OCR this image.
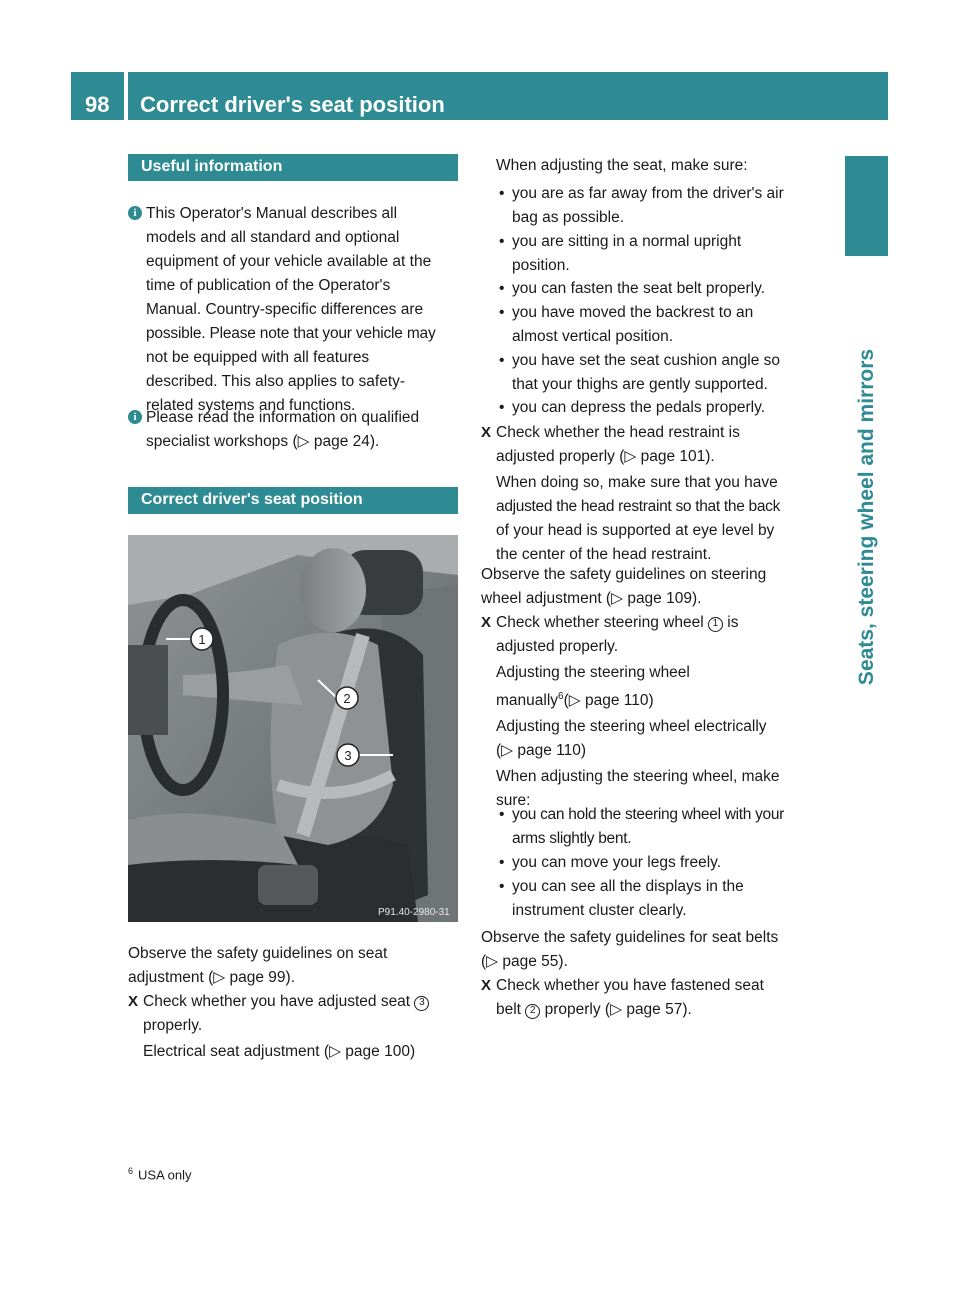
98	Correct driver's seat position
Seats, steering wheel and mirrors
Useful information
i This Operator's Manual describes all
models and all standard and optional
equipment of your vehicle available at the
time of publication of the Operator's
Manual. Country-specific differences are
possible. Please note that your vehicle may
not be equipped with all features
described. This also applies to safety-
related systems and functions.
i Please read the information on qualified
specialist workshops (▷ page 24).
Correct driver's seat position
1
2
3
P91.40-2980-31
Observe the safety guidelines on seat
adjustment (▷ page 99).
X Check whether you have adjusted seat 3
properly.
Electrical seat adjustment (▷ page 100)
When adjusting the seat, make sure:
• you are as far away from the driver's air
bag as possible.
• you are sitting in a normal upright
position.
• you can fasten the seat belt properly.
• you have moved the backrest to an
almost vertical position.
• you have set the seat cushion angle so
that your thighs are gently supported.
• you can depress the pedals properly.
X Check whether the head restraint is
adjusted properly (▷ page 101).
When doing so, make sure that you have
adjusted the head restraint so that the back
of your head is supported at eye level by
the center of the head restraint.
Observe the safety guidelines on steering
wheel adjustment (▷ page 109).
X Check whether steering wheel 1 is
adjusted properly.
Adjusting the steering wheel
manually$^6$(▷ page 110)
Adjusting the steering wheel electrically
(▷ page 110)
When adjusting the steering wheel, make
sure:
• you can hold the steering wheel with your
arms slightly bent.
• you can move your legs freely.
• you can see all the displays in the
instrument cluster clearly.
Observe the safety guidelines for seat belts
(▷ page 55).
X Check whether you have fastened seat
belt 2 properly (▷ page 57).
$^6$ USA only
